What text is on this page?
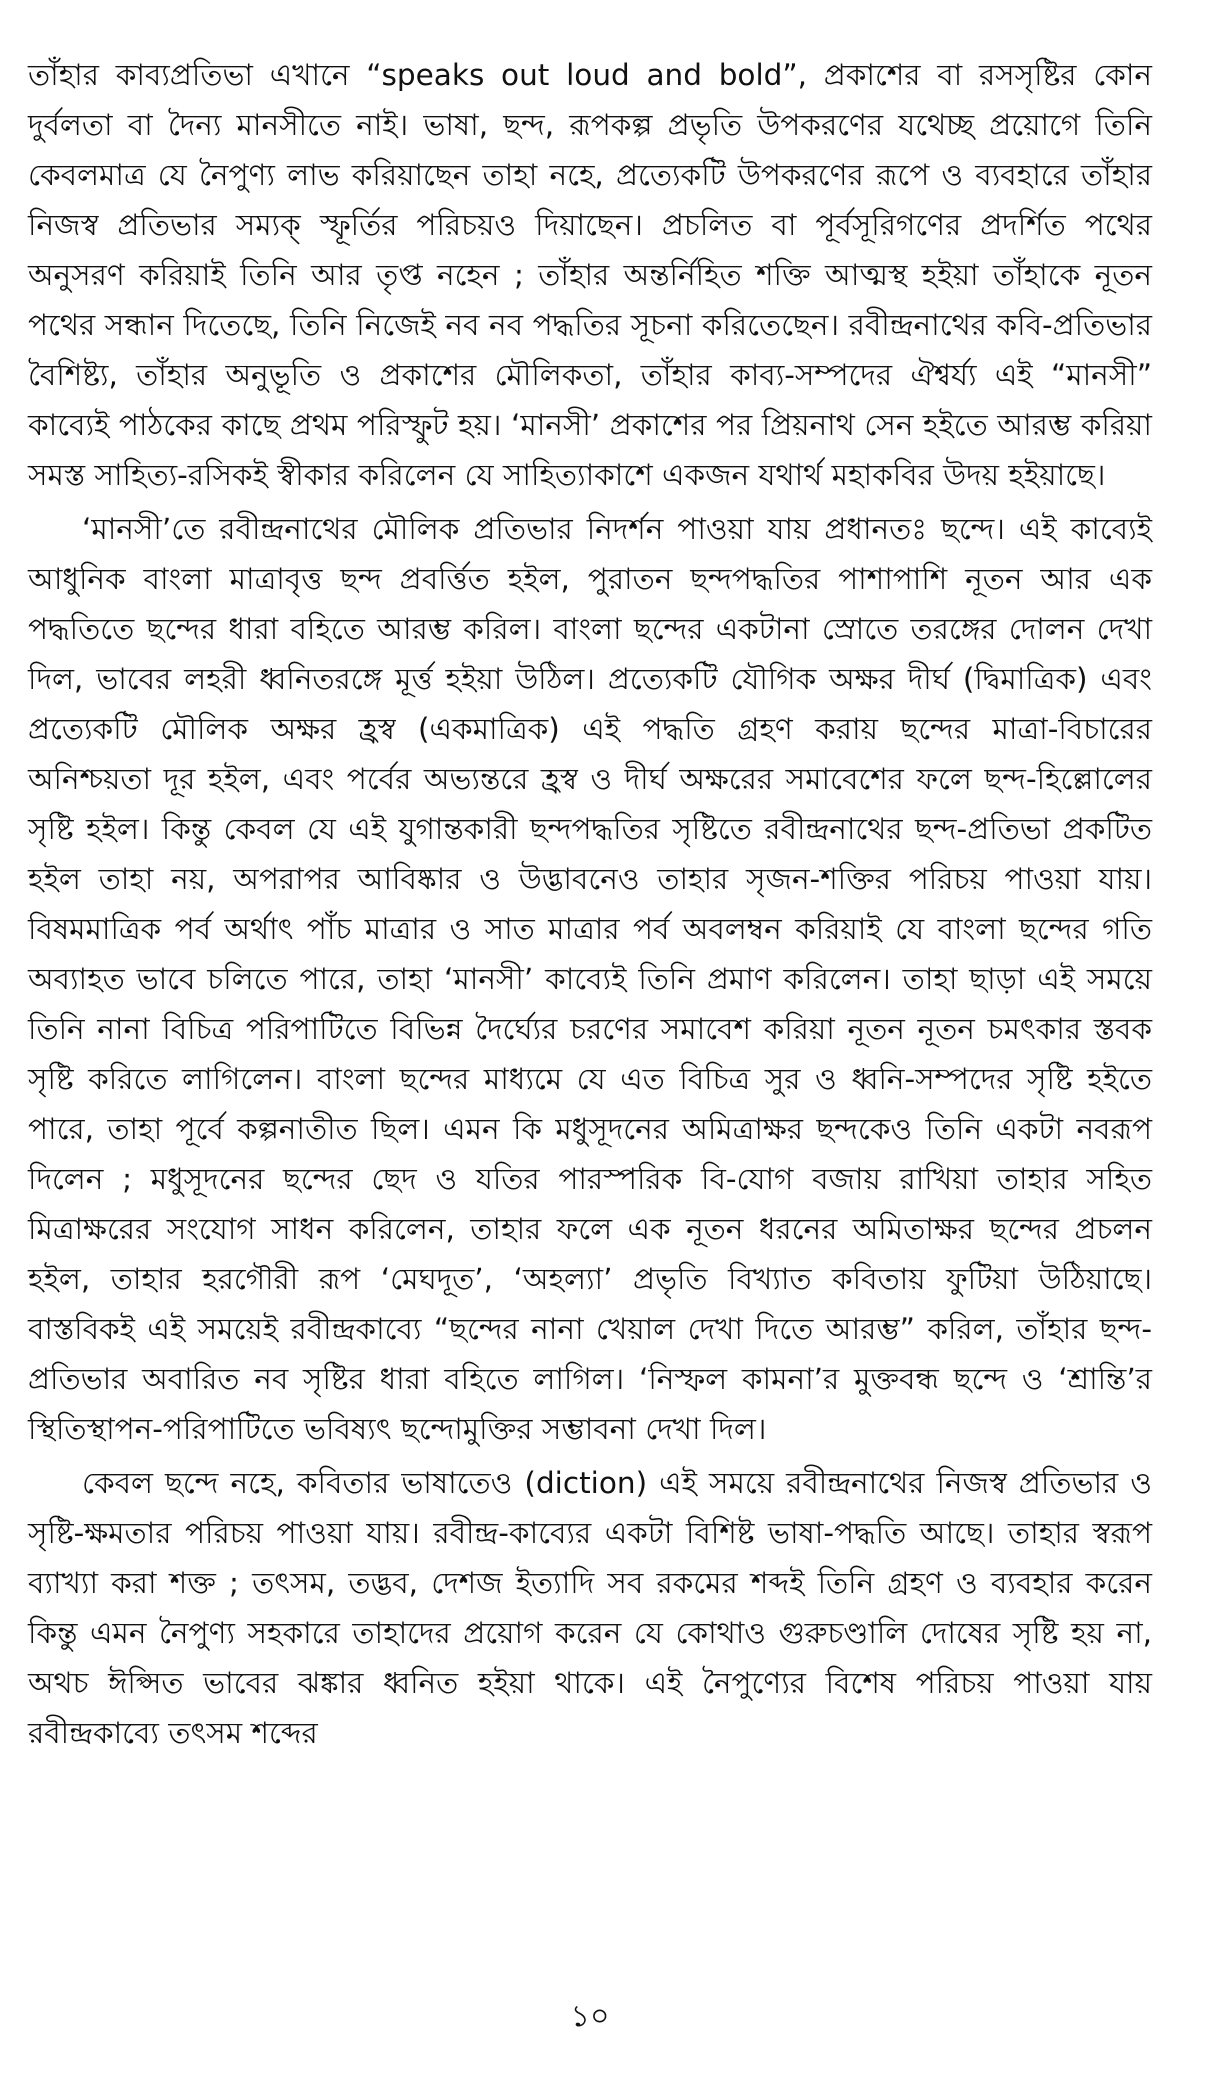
তাঁহার কাব্যপ্রতিভা এখানে “speaks out loud and bold”, প্রকাশের বা রসসৃষ্টির কোন দুর্বলতা বা দৈন্য মানসীতে নাই। ভাষা, ছন্দ, রূপকল্প প্রভৃতি উপকরণের যথেচ্ছ প্রয়োগে তিনি কেবলমাত্র যে নৈপুণ্য লাভ করিয়াছেন তাহা নহে, প্রত্যেকটি উপকরণের রূপে ও ব্যবহারে তাঁহার নিজস্ব প্রতিভার সম্যক্ স্ফূর্তির পরিচয়ও দিয়াছেন। প্রচলিত বা পূর্বসূরিগণের প্রদর্শিত পথের অনুসরণ করিয়াই তিনি আর তৃপ্ত নহেন ; তাঁহার অন্তর্নিহিত শক্তি আত্মস্থ হইয়া তাঁহাকে নূতন পথের সন্ধান দিতেছে, তিনি নিজেই নব নব পদ্ধতির সূচনা করিতেছেন। রবীন্দ্রনাথের কবি-প্রতিভার বৈশিষ্ট্য, তাঁহার অনুভূতি ও প্রকাশের মৌলিকতা, তাঁহার কাব্য-সম্পদের ঐশ্বর্য্য এই “মানসী” কাব্যেই পাঠকের কাছে প্রথম পরিস্ফুট হয়। ‘মানসী’ প্রকাশের পর প্রিয়নাথ সেন হইতে আরম্ভ করিয়া সমস্ত সাহিত্য-রসিকই স্বীকার করিলেন যে সাহিত্যাকাশে একজন যথার্থ মহাকবির উদয় হইয়াছে।

‘মানসী’তে রবীন্দ্রনাথের মৌলিক প্রতিভার নিদর্শন পাওয়া যায় প্রধানতঃ ছন্দে। এই কাব্যেই আধুনিক বাংলা মাত্রাবৃত্ত ছন্দ প্রবর্ত্তিত হইল, পুরাতন ছন্দপদ্ধতির পাশাপাশি নূতন আর এক পদ্ধতিতে ছন্দের ধারা বহিতে আরম্ভ করিল। বাংলা ছন্দের একটানা স্রোতে তরঙ্গের দোলন দেখা দিল, ভাবের লহরী ধ্বনিতরঙ্গে মূর্ত্ত হইয়া উঠিল। প্রত্যেকটি যৌগিক অক্ষর দীর্ঘ (দ্বিমাত্রিক) এবং প্রত্যেকটি মৌলিক অক্ষর হ্রস্ব (একমাত্রিক) এই পদ্ধতি গ্রহণ করায় ছন্দের মাত্রা-বিচারের অনিশ্চয়তা দূর হইল, এবং পর্বের অভ্যন্তরে হ্রস্ব ও দীর্ঘ অক্ষরের সমাবেশের ফলে ছন্দ-হিল্লোলের সৃষ্টি হইল। কিন্তু কেবল যে এই যুগান্তকারী ছন্দপদ্ধতির সৃষ্টিতে রবীন্দ্রনাথের ছন্দ-প্রতিভা প্রকটিত হইল তাহা নয়, অপরাপর আবিষ্কার ও উদ্ভাবনেও তাহার সৃজন-শক্তির পরিচয় পাওয়া যায়। বিষমমাত্রিক পর্ব অর্থাৎ পাঁচ মাত্রার ও সাত মাত্রার পর্ব অবলম্বন করিয়াই যে বাংলা ছন্দের গতি অব্যাহত ভাবে চলিতে পারে, তাহা ‘মানসী’ কাব্যেই তিনি প্রমাণ করিলেন। তাহা ছাড়া এই সময়ে তিনি নানা বিচিত্র পরিপাটিতে বিভিন্ন দৈর্ঘ্যের চরণের সমাবেশ করিয়া নূতন নূতন চমৎকার স্তবক সৃষ্টি করিতে লাগিলেন। বাংলা ছন্দের মাধ্যমে যে এত বিচিত্র সুর ও ধ্বনি-সম্পদের সৃষ্টি হইতে পারে, তাহা পূর্বে কল্পনাতীত ছিল। এমন কি মধুসূদনের অমিত্রাক্ষর ছন্দকেও তিনি একটা নবরূপ দিলেন ; মধুসূদনের ছন্দের ছেদ ও যতির পারস্পরিক বি-যোগ বজায় রাখিয়া তাহার সহিত মিত্রাক্ষরের সংযোগ সাধন করিলেন, তাহার ফলে এক নূতন ধরনের অমিতাক্ষর ছন্দের প্রচলন হইল, তাহার হরগৌরী রূপ ‘মেঘদূত’, ‘অহল্যা’ প্রভৃতি বিখ্যাত কবিতায় ফুটিয়া উঠিয়াছে। বাস্তবিকই এই সময়েই রবীন্দ্রকাব্যে “ছন্দের নানা খেয়াল দেখা দিতে আরম্ভ” করিল, তাঁহার ছন্দ-প্রতিভার অবারিত নব সৃষ্টির ধারা বহিতে লাগিল। ‘নিস্ফল কামনা’র মুক্তবন্ধ ছন্দে ও ‘শ্রান্তি’র স্থিতিস্থাপন-পরিপাটিতে ভবিষ্যৎ ছন্দোমুক্তির সম্ভাবনা দেখা দিল।

কেবল ছন্দে নহে, কবিতার ভাষাতেও (diction) এই সময়ে রবীন্দ্রনাথের নিজস্ব প্রতিভার ও সৃষ্টি-ক্ষমতার পরিচয় পাওয়া যায়। রবীন্দ্র-কাব্যের একটা বিশিষ্ট ভাষা-পদ্ধতি আছে। তাহার স্বরূপ ব্যাখ্যা করা শক্ত ; তৎসম, তদ্ভব, দেশজ ইত্যাদি সব রকমের শব্দই তিনি গ্রহণ ও ব্যবহার করেন কিন্তু এমন নৈপুণ্য সহকারে তাহাদের প্রয়োগ করেন যে কোথাও গুরুচণ্ডালি দোষের সৃষ্টি হয় না, অথচ ঈপ্সিত ভাবের ঝঙ্কার ধ্বনিত হইয়া থাকে। এই নৈপুণ্যের বিশেষ পরিচয় পাওয়া যায় রবীন্দ্রকাব্যে তৎসম শব্দের

১০
